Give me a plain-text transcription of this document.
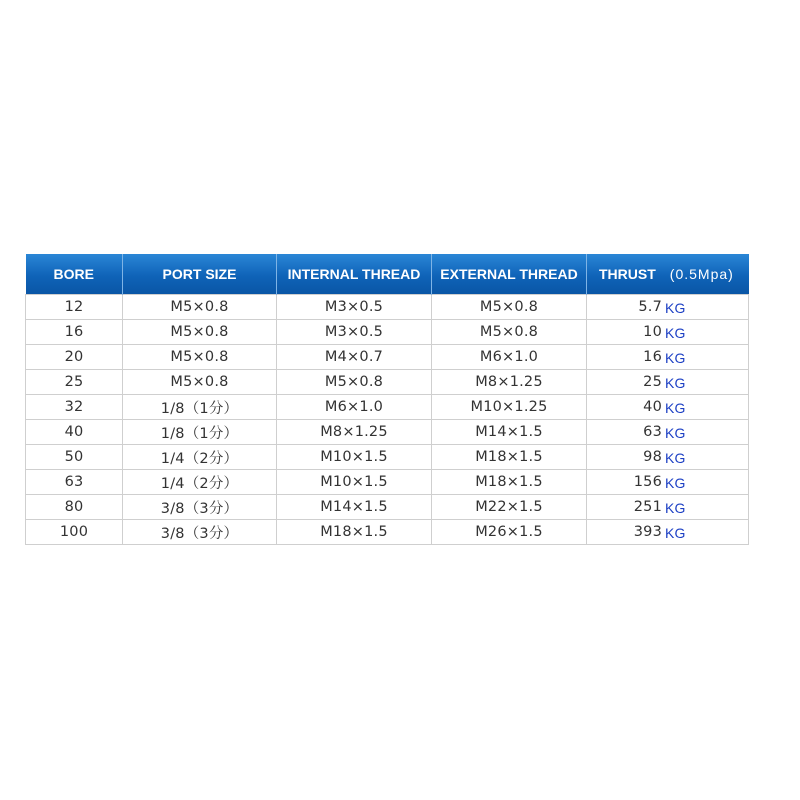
BORE	PORT SIZE	INTERNAL THREAD	EXTERNAL THREAD	THRUST (0.5Mpa)
12	M5×0.8	M3×0.5	M5×0.8	5.7 KG

16	M5×0.8	M3×0.5	M5×0.8	10 KG

20	M5×0.8	M4×0.7	M6×1.0	16 KG

25	M5×0.8	M5×0.8	M8×1.25	25 KG

32	1/8（1分）	M6×1.0	M10×1.25	40 KG

40	1/8（1分）	M8×1.25	M14×1.5	63 KG

50	1/4（2分）	M10×1.5	M18×1.5	98 KG

63	1/4（2分）	M10×1.5	M18×1.5	156 KG

80	3/8（3分）	M14×1.5	M22×1.5	251 KG

100	3/8（3分）	M18×1.5	M26×1.5	393 KG
